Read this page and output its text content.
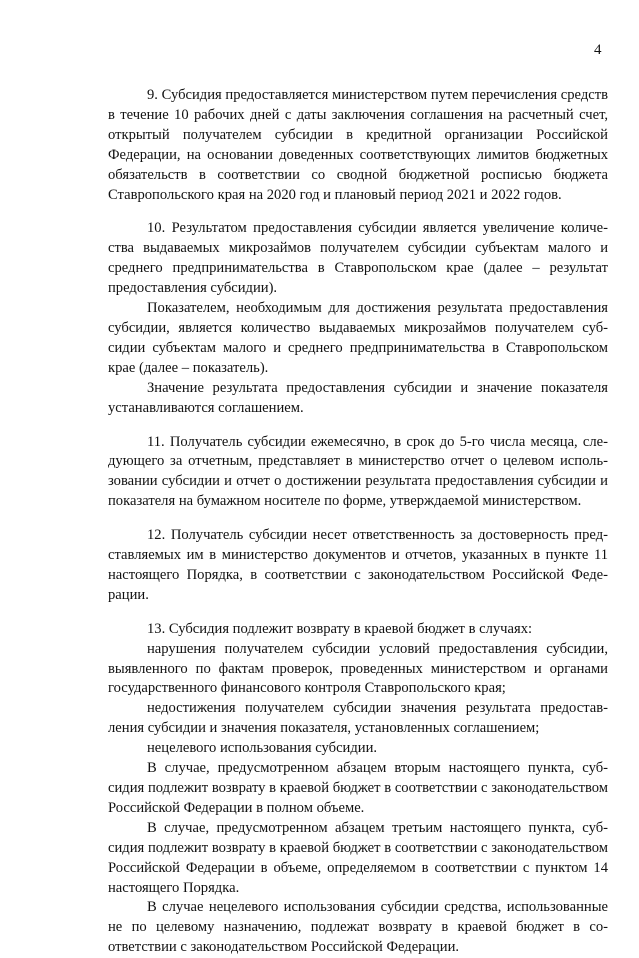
4

9. Субсидия предоставляется министерством путем перечисления средств в течение 10 рабочих дней с даты заключения соглашения на расчетный счет, открытый получателем субсидии в кредитной организации Российской Федерации, на основании доведенных соответствующих лимитов бюджетных обязательств в соответствии со сводной бюджетной росписью бюджета Ставропольского края на 2020 год и плановый период 2021 и 2022 годов.

10. Результатом предоставления субсидии является увеличение количества выдаваемых микрозаймов получателем субсидии субъектам малого и среднего предпринимательства в Ставропольском крае (далее – результат предоставления субсидии).

Показателем, необходимым для достижения результата предоставления субсидии, является количество выдаваемых микрозаймов получателем субсидии субъектам малого и среднего предпринимательства в Ставропольском крае (далее – показатель).

Значение результата предоставления субсидии и значение показателя устанавливаются соглашением.

11. Получатель субсидии ежемесячно, в срок до 5-го числа месяца, следующего за отчетным, представляет в министерство отчет о целевом использовании субсидии и отчет о достижении результата предоставления субсидии и показателя на бумажном носителе по форме, утверждаемой министерством.

12. Получатель субсидии несет ответственность за достоверность представляемых им в министерство документов и отчетов, указанных в пункте 11 настоящего Порядка, в соответствии с законодательством Российской Федерации.

13. Субсидия подлежит возврату в краевой бюджет в случаях:

нарушения получателем субсидии условий предоставления субсидии, выявленного по фактам проверок, проведенных министерством и органами государственного финансового контроля Ставропольского края;

недостижения получателем субсидии значения результата предоставления субсидии и значения показателя, установленных соглашением;

нецелевого использования субсидии.

В случае, предусмотренном абзацем вторым настоящего пункта, субсидия подлежит возврату в краевой бюджет в соответствии с законодательством Российской Федерации в полном объеме.

В случае, предусмотренном абзацем третьим настоящего пункта, субсидия подлежит возврату в краевой бюджет в соответствии с законодательством Российской Федерации в объеме, определяемом в соответствии с пунктом 14 настоящего Порядка.

В случае нецелевого использования субсидии средства, использованные не по целевому назначению, подлежат возврату в краевой бюджет в соответствии с законодательством Российской Федерации.
